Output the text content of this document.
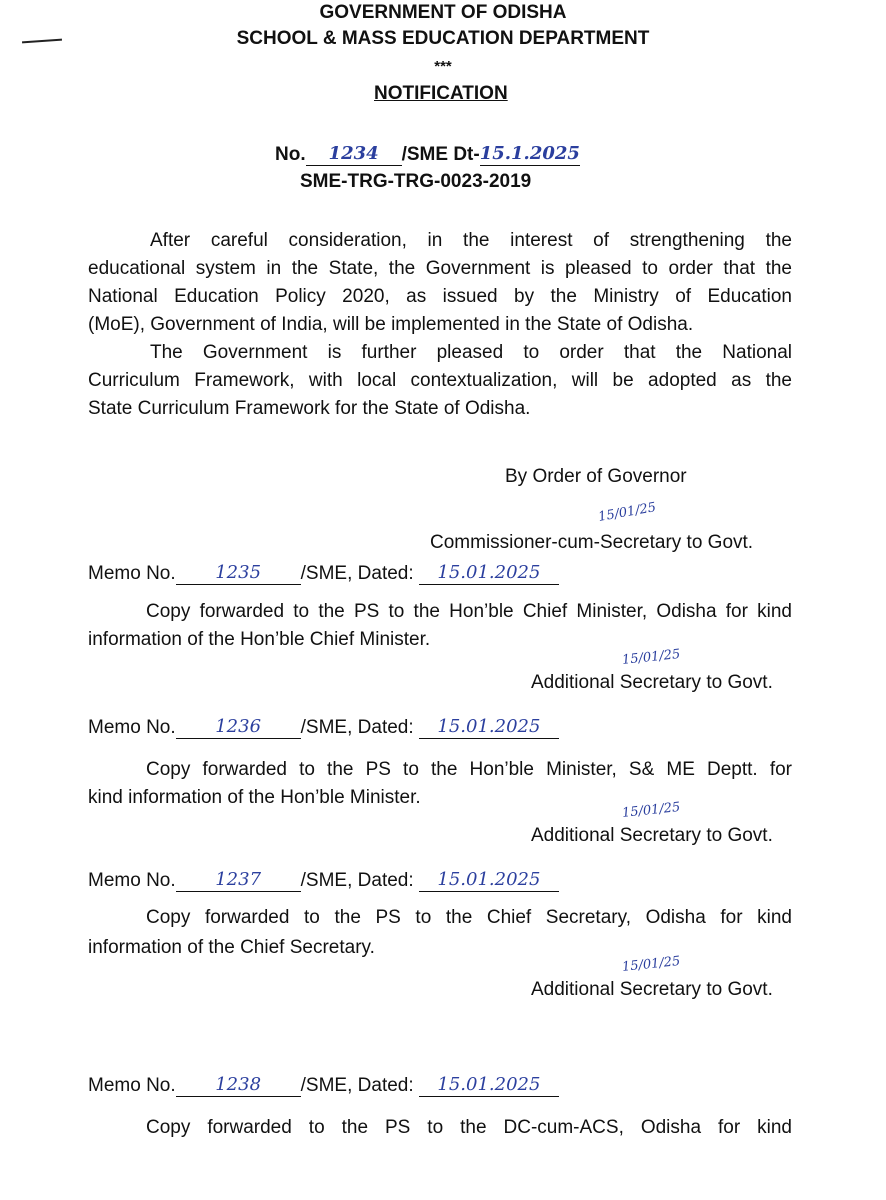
GOVERNMENT OF ODISHA
SCHOOL & MASS EDUCATION DEPARTMENT
***
NOTIFICATION
No. 1234 /SME Dt-15.1.2025
SME-TRG-TRG-0023-2019
After careful consideration, in the interest of strengthening the
educational system in the State, the Government is pleased to order that the
National Education Policy 2020, as issued by the Ministry of Education
(MoE), Government of India, will be implemented in the State of Odisha.
The Government is further pleased to order that the National
Curriculum Framework, with local contextualization, will be adopted as the
State Curriculum Framework for the State of Odisha.
By Order of Governor
15/01/25
Commissioner-cum-Secretary to Govt.
Memo No. 1235 /SME, Dated: 15.01.2025
Copy forwarded to the PS to the Hon’ble Chief Minister, Odisha for kind
information of the Hon’ble Chief Minister.
Additional Secretary to Govt.
15/01/25
Memo No. 1236 /SME, Dated: 15.01.2025
Copy forwarded to the PS to the Hon’ble Minister, S& ME Deptt. for
kind information of the Hon’ble Minister.
Additional Secretary to Govt.
15/01/25
Memo No. 1237 /SME, Dated: 15.01.2025
Copy forwarded to the PS to the Chief Secretary, Odisha for kind
information of the Chief Secretary.
Additional Secretary to Govt.
15/01/25
Memo No. 1238 /SME, Dated: 15.01.2025
Copy forwarded to the PS to the DC-cum-ACS, Odisha for kind
